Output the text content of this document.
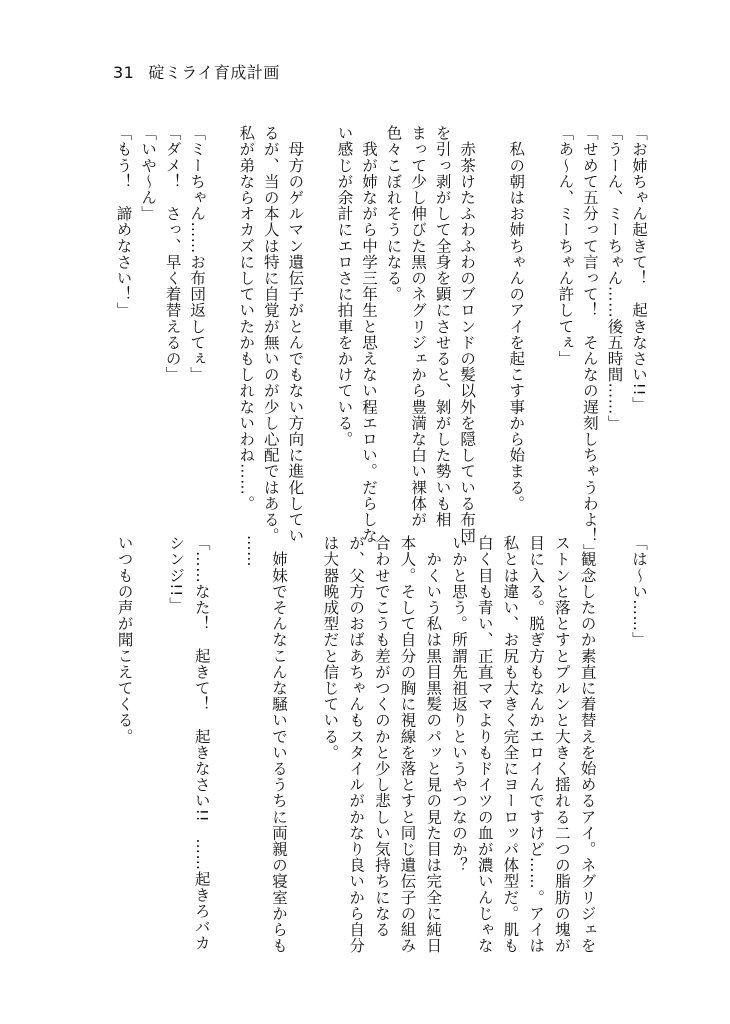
31 碇ミライ育成計画
「お姉ちゃん起きて！　起きなさい!!」
「うーん、ミーちゃん……後五時間……」
「せめて五分って言って！　そんなの遅刻しちゃうわよ！」
「あ～ん、ミーちゃん許してぇ」
　私の朝はお姉ちゃんのアイを起こす事から始まる。
　赤茶けたふわふわのブロンドの髪以外を隠している布団
を引っ剥がして全身を顕にさせると、剝がした勢いも相
まって少し伸びた黒のネグリジェから豊満な白い裸体が
色々こぼれそうになる。
　我が姉ながら中学三年生と思えない程エロい。だらしな
い感じが余計にエロさに拍車をかけている。
　母方のゲルマン遺伝子がとんでもない方向に進化してい
るが、当の本人は特に自覚が無いのが少し心配ではある。
私が弟ならオカズにしていたかもしれないわね……。
「ミーちゃん……お布団返してぇ」
「ダメ！　さっ、早く着替えるの」
「いや～ん」
「もう！　諦めなさい！」
「は～い……」
　観念したのか素直に着替えを始めるアイ。ネグリジェを
ストンと落とすとプルンと大きく揺れる二つの脂肪の塊が
目に入る。脱ぎ方もなんかエロイんですけど……。アイは
私とは違い、お尻も大きく完全にヨーロッパ体型だ。肌も
白く目も青い、正直ママよりもドイツの血が濃いんじゃな
いかと思う。所謂先祖返りというやつなのか？
　かくいう私は黒目黒髪のパッと見の見た目は完全に純日
本人。そして自分の胸に視線を落とすと同じ遺伝子の組み
合わせでこうも差がつくのかと少し悲しい気持ちになる
が、父方のおばあちゃんもスタイルがかなり良いから自分
は大器晩成型だと信じている。
　姉妹でそんなこんな騒いでいるうちに両親の寝室からも
……
「……なた！　起きて！　起きなさい!!　……起きろバカ
シンジ!!」
いつもの声が聞こえてくる。
